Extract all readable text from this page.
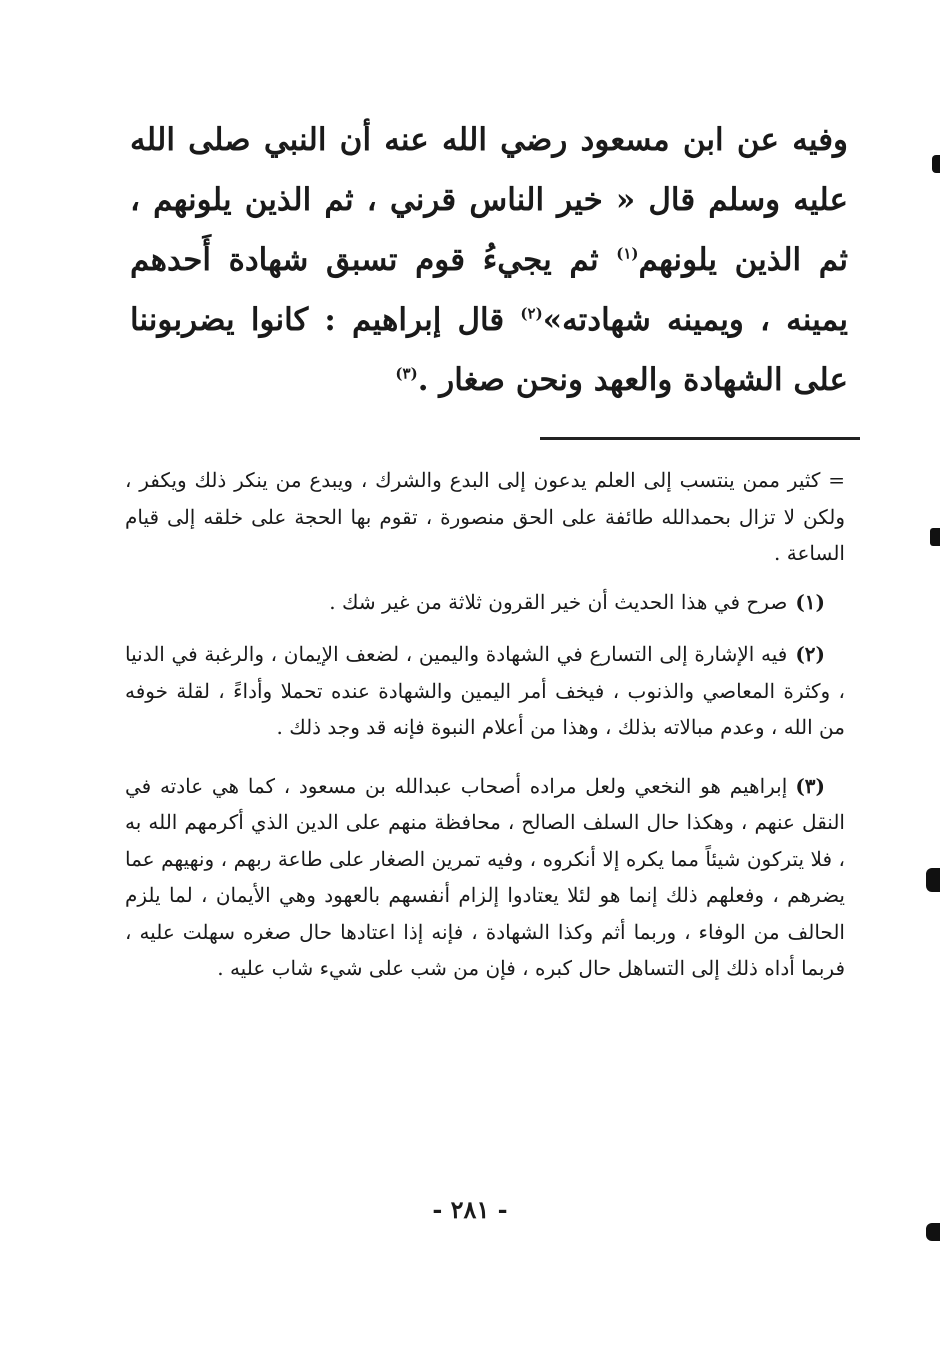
وفيه عن ابن مسعود رضي الله عنه أن النبي صلى الله عليه وسلم قال « خير الناس قرني ، ثم الذين يلونهم ، ثم الذين يلونهم$^{(١)}$ ثم يجيءُ قوم تسبق شهادة أَحدهم يمينه ، ويمينه شهادته»$^{(٢)}$ قال إبراهيم : كانوا يضربوننا على الشهادة والعهد ونحن صغار .$^{(٣)}$

= كثير ممن ينتسب إلى العلم يدعون إلى البدع والشرك ، ويبدع من ينكر ذلك ويكفر ، ولكن لا تزال بحمدالله طائفة على الحق منصورة ، تقوم بها الحجة على خلقه إلى قيام الساعة .

(١)صرح في هذا الحديث أن خير القرون ثلاثة من غير شك .

(٢)فيه الإشارة إلى التسارع في الشهادة واليمين ، لضعف الإيمان ، والرغبة في الدنيا ، وكثرة المعاصي والذنوب ، فيخف أمر اليمين والشهادة عنده تحملا وأداءً ، لقلة خوفه من الله ، وعدم مبالاته بذلك ، وهذا من أعلام النبوة فإنه قد وجد ذلك .

(٣)إبراهيم هو النخعي ولعل مراده أصحاب عبدالله بن مسعود ، كما هي عادته في النقل عنهم ، وهكذا حال السلف الصالح ، محافظة منهم على الدين الذي أكرمهم الله به ، فلا يتركون شيئاً مما يكره إلا أنكروه ، وفيه تمرين الصغار على طاعة ربهم ، ونهيهم عما يضرهم ، وفعلهم ذلك إنما هو لئلا يعتادوا إلزام أنفسهم بالعهود وهي الأيمان ، لما يلزم الحالف من الوفاء ، وربما أثم وكذا الشهادة ، فإنه إذا اعتادها حال صغره سهلت عليه ، فربما أداه ذلك إلى التساهل حال كبره ، فإن من شب على شيء شاب عليه .

- ٢٨١ -
